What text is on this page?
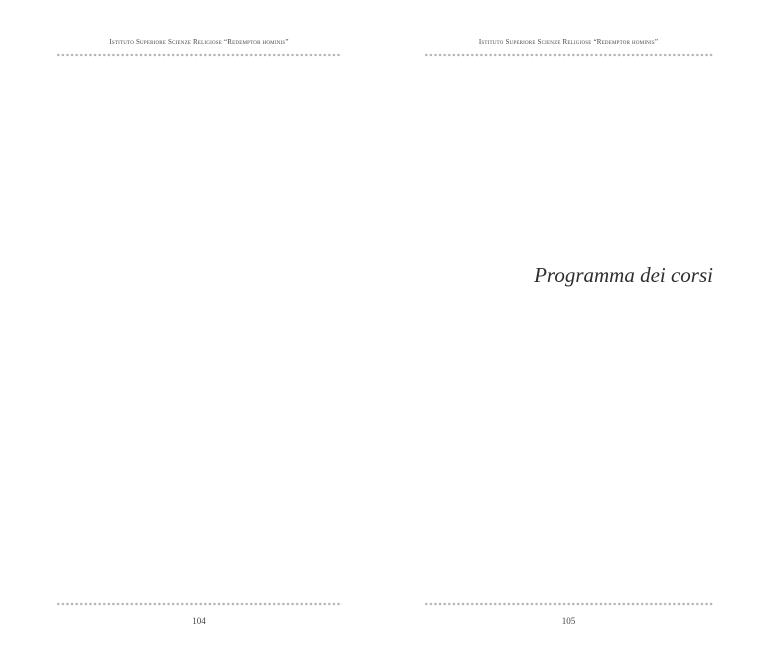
Istituto Superiore Scienze Religiose “Redemptor hominis”
104
Istituto Superiore Scienze Religiose “Redemptor hominis”
Programma dei corsi
105
